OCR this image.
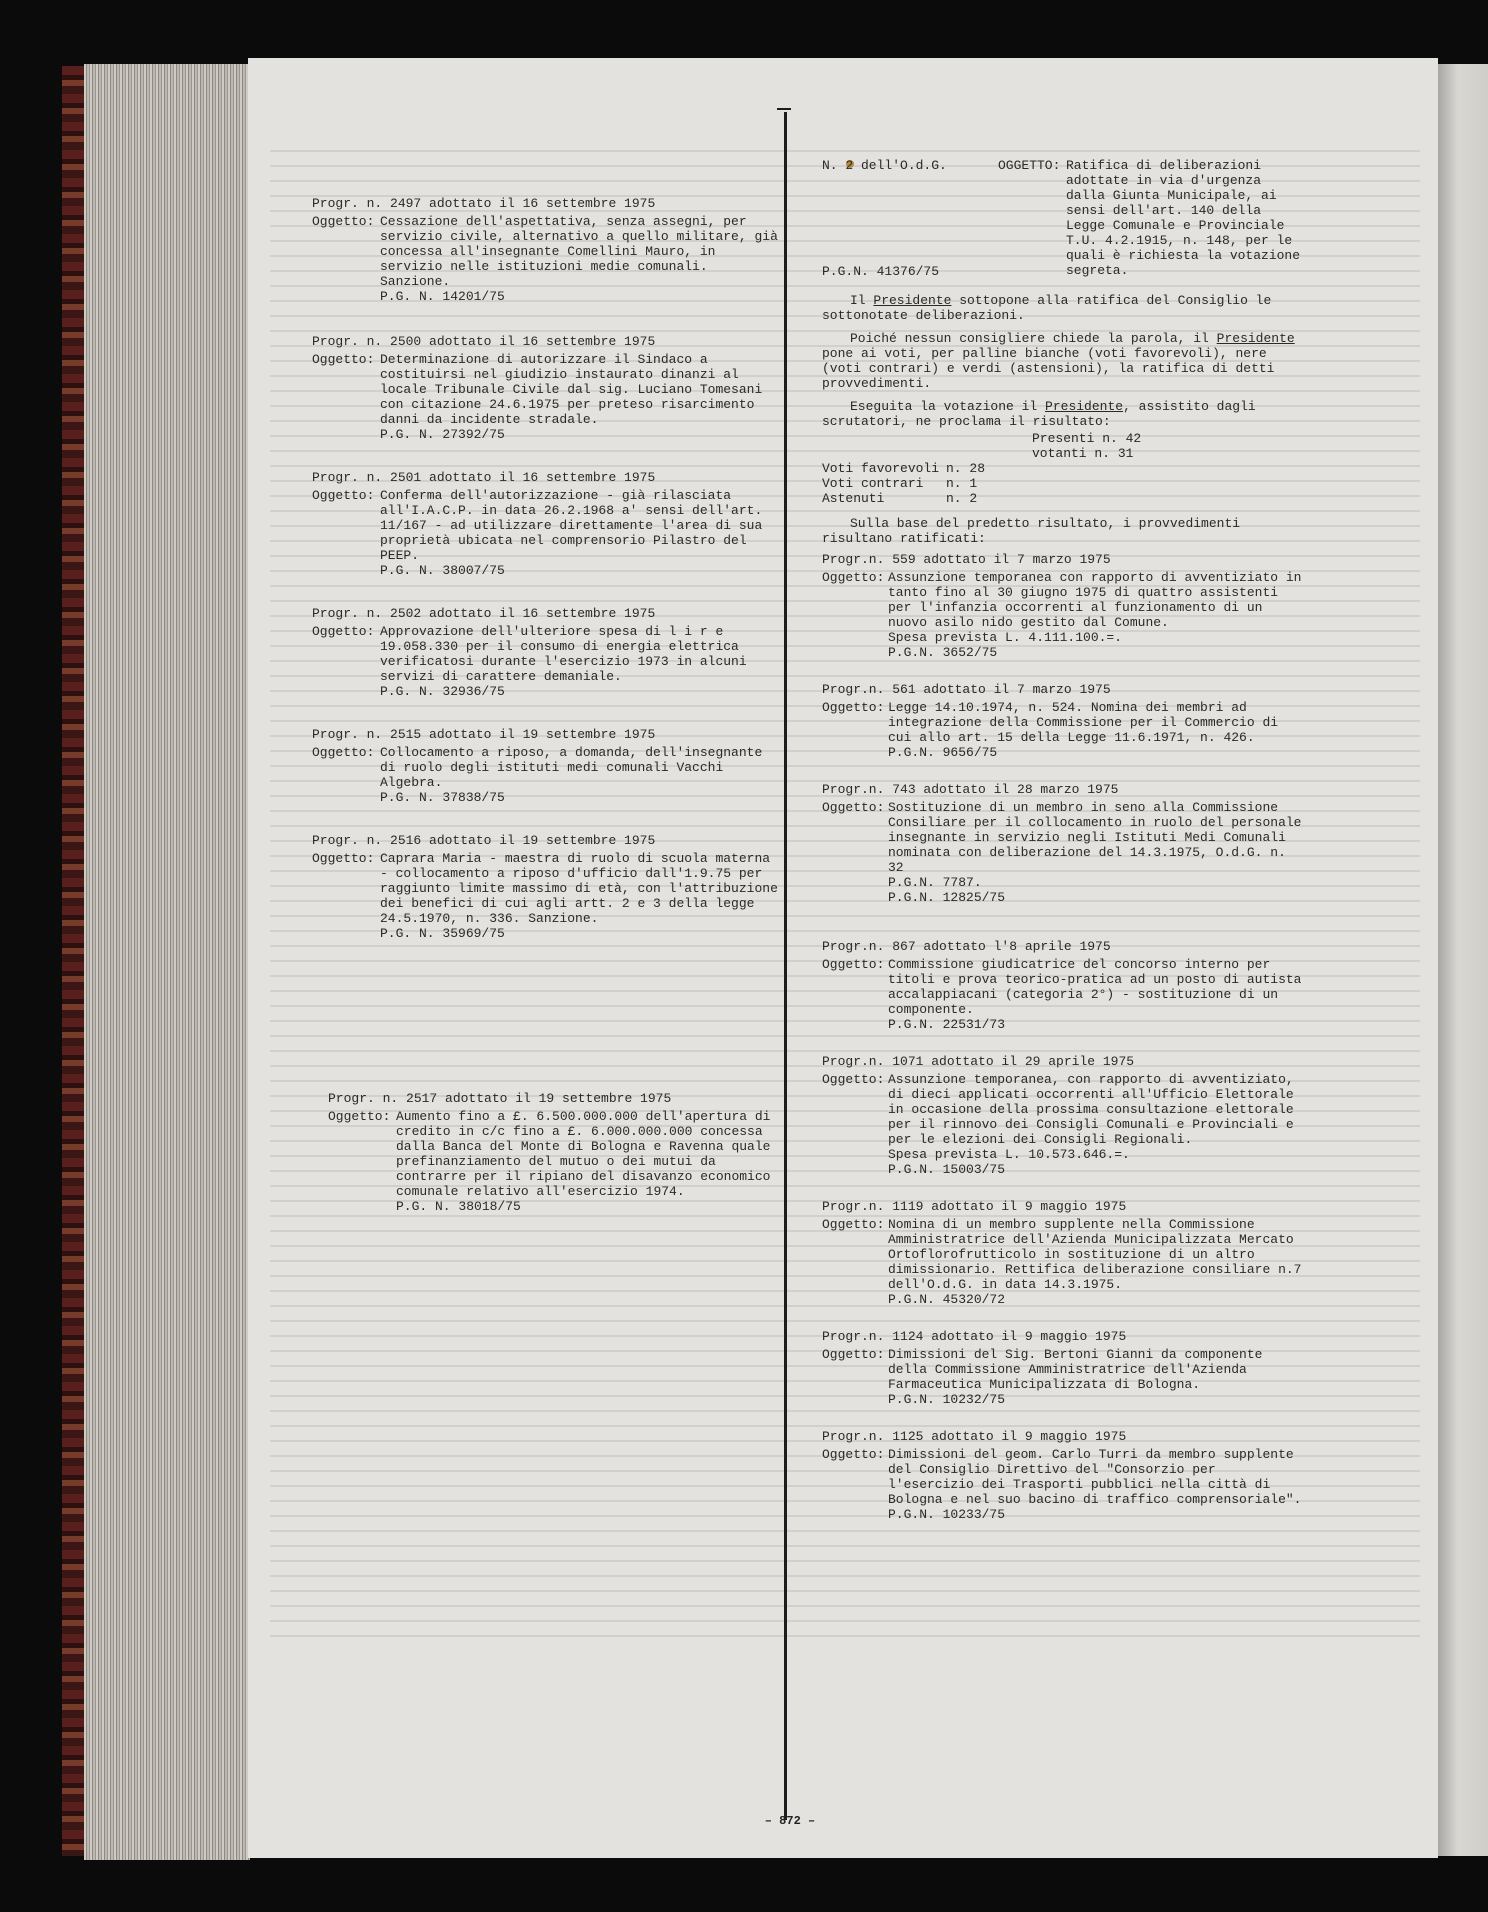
Progr. n. 2497 adottato il 16 settembre 1975
Oggetto: Cessazione dell'aspettativa, senza assegni, per servizio civile, alternativo a quello militare, già concessa all'insegnante Comellini Mauro, in servizio nelle istituzioni medie comunali. Sanzione.
P.G. N. 14201/75
Progr. n. 2500 adottato il 16 settembre 1975
Oggetto: Determinazione di autorizzare il Sindaco a costituirsi nel giudizio instaurato dinanzi al locale Tribunale Civile dal sig. Luciano Tomesani con citazione 24.6.1975 per preteso risarcimento danni da incidente stradale.
P.G. N. 27392/75
Progr. n. 2501 adottato il 16 settembre 1975
Oggetto: Conferma dell'autorizzazione - già rilasciata all'I.A.C.P. in data 26.2.1968 a' sensi dell'art. 11/167 - ad utilizzare direttamente l'area di sua proprietà ubicata nel comprensorio Pilastro del PEEP.
P.G. N. 38007/75
Progr. n. 2502 adottato il 16 settembre 1975
Oggetto: Approvazione dell'ulteriore spesa di l i r e 19.058.330 per il consumo di energia elettrica verificatosi durante l'esercizio 1973 in alcuni servizi di carattere demaniale.
P.G. N. 32936/75
Progr. n. 2515 adottato il 19 settembre 1975
Oggetto: Collocamento a riposo, a domanda, dell'insegnante di ruolo degli istituti medi comunali Vacchi Algebra.
P.G. N. 37838/75
Progr. n. 2516 adottato il 19 settembre 1975
Oggetto: Caprara Maria - maestra di ruolo di scuola materna - collocamento a riposo d'ufficio dall'1.9.75 per raggiunto limite massimo di età, con l'attribuzione dei benefici di cui agli artt. 2 e 3 della legge 24.5.1970, n. 336. Sanzione.
P.G. N. 35969/75
Progr. n. 2517 adottato il 19 settembre 1975
Oggetto: Aumento fino a £. 6.500.000.000 dell'apertura di credito in c/c fino a £. 6.000.000.000 concessa dalla Banca del Monte di Bologna e Ravenna quale prefinanziamento del mutuo o dei mutui da contrarre per il ripiano del disavanzo economico comunale relativo all'esercizio 1974.
P.G. N. 38018/75
N. 2 dell'O.d.G.	OGGETTO: Ratifica di deliberazioni adottate in via d'urgenza dalla Giunta Municipale, ai sensi dell'art. 140 della Legge Comunale e Provinciale T.U. 4.2.1915, n. 148, per le quali è richiesta la votazione segreta.
P.G.N. 41376/75
Il Presidente sottopone alla ratifica del Consiglio le sottonotate deliberazioni.
Poiché nessun consigliere chiede la parola, il Presidente pone ai voti, per palline bianche (voti favorevoli), nere (voti contrari) e verdi (astensioni), la ratifica di detti provvedimenti.
Eseguita la votazione il Presidente, assistito dagli scrutatori, ne proclama il risultato:
Presenti n. 42
votanti n. 31
Voti favorevoli n. 28
Voti contrari	n. 1
Astenuti	n. 2
Sulla base del predetto risultato, i provvedimenti risultano ratificati:
Progr.n. 559 adottato il 7 marzo 1975
Oggetto: Assunzione temporanea con rapporto di avventiziato in tanto fino al 30 giugno 1975 di quattro assistenti per l'infanzia occorrenti al funzionamento di un nuovo asilo nido gestito dal Comune.
Spesa prevista L. 4.111.100.=.
P.G.N. 3652/75
Progr.n. 561 adottato il 7 marzo 1975
Oggetto: Legge 14.10.1974, n. 524. Nomina dei membri ad integrazione della Commissione per il Commercio di cui allo art. 15 della Legge 11.6.1971, n. 426.
P.G.N. 9656/75
Progr.n. 743 adottato il 28 marzo 1975
Oggetto: Sostituzione di un membro in seno alla Commissione Consiliare per il collocamento in ruolo del personale insegnante in servizio negli Istituti Medi Comunali nominata con deliberazione del 14.3.1975, O.d.G. n. 32
P.G.N. 7787.
P.G.N. 12825/75
Progr.n. 867 adottato l'8 aprile 1975
Oggetto: Commissione giudicatrice del concorso interno per titoli e prova teorico-pratica ad un posto di autista accalappiacani (categoria 2°) - sostituzione di un componente.
P.G.N. 22531/73
Progr.n. 1071 adottato il 29 aprile 1975
Oggetto: Assunzione temporanea, con rapporto di avventiziato, di dieci applicati occorrenti all'Ufficio Elettorale in occasione della prossima consultazione elettorale per il rinnovo dei Consigli Comunali e Provinciali e per le elezioni dei Consigli Regionali.
Spesa prevista L. 10.573.646.=.
P.G.N. 15003/75
Progr.n. 1119 adottato il 9 maggio 1975
Oggetto: Nomina di un membro supplente nella Commissione Amministratrice dell'Azienda Municipalizzata Mercato Ortoflorofrutticolo in sostituzione di un altro dimissionario. Rettifica deliberazione consiliare n.7 dell'O.d.G. in data 14.3.1975.
P.G.N. 45320/72
Progr.n. 1124 adottato il 9 maggio 1975
Oggetto: Dimissioni del Sig. Bertoni Gianni da componente della Commissione Amministratrice dell'Azienda Farmaceutica Municipalizzata di Bologna.
P.G.N. 10232/75
Progr.n. 1125 adottato il 9 maggio 1975
Oggetto: Dimissioni del geom. Carlo Turri da membro supplente del Consiglio Direttivo del "Consorzio per l'esercizio dei Trasporti pubblici nella città di Bologna e nel suo bacino di traffico comprensoriale".
P.G.N. 10233/75
– 872 –
